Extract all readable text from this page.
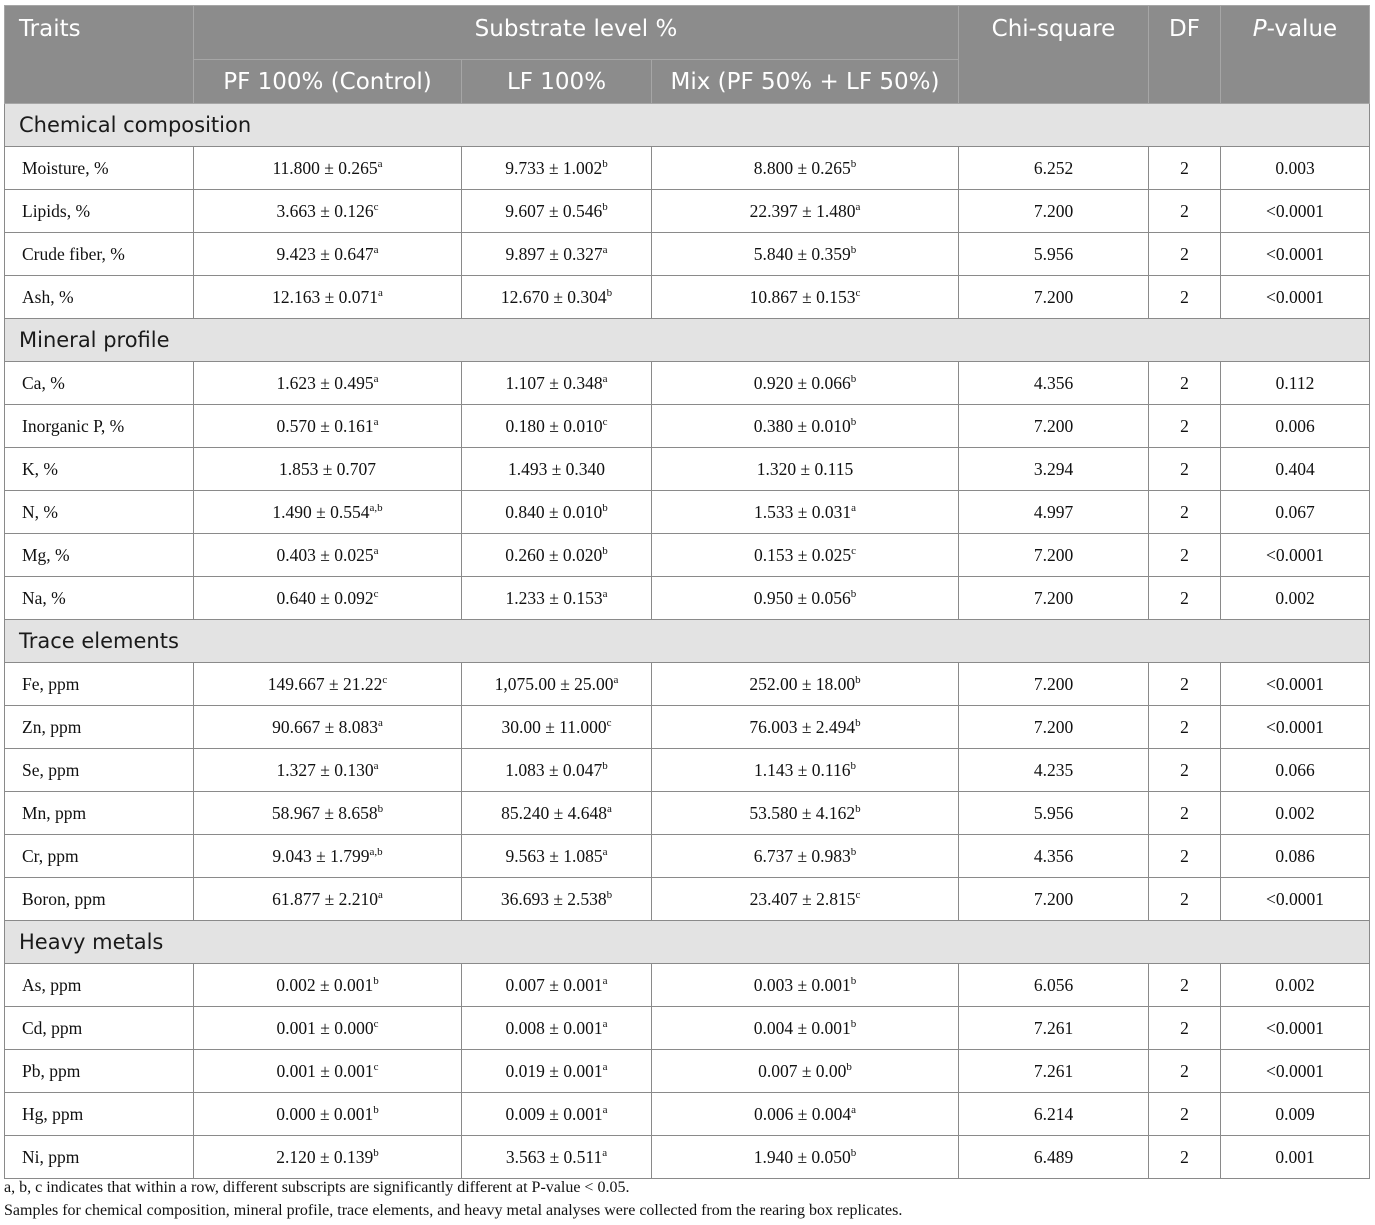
Traits	Substrate level %			Chi-square	DF	P-value
	PF 100% (Control)	LF 100%	Mix (PF 50% + LF 50%)			
Chemical composition						
Moisture, %	11.800 ± 0.265$^a$	9.733 ± 1.002$^b$	8.800 ± 0.265$^b$	6.252	2	0.003
Lipids, %	3.663 ± 0.126$^c$	9.607 ± 0.546$^b$	22.397 ± 1.480$^a$	7.200	2	<0.0001
Crude fiber, %	9.423 ± 0.647$^a$	9.897 ± 0.327$^a$	5.840 ± 0.359$^b$	5.956	2	<0.0001
Ash, %	12.163 ± 0.071$^a$	12.670 ± 0.304$^b$	10.867 ± 0.153$^c$	7.200	2	<0.0001
Mineral profile						
Ca, %	1.623 ± 0.495$^a$	1.107 ± 0.348$^a$	0.920 ± 0.066$^b$	4.356	2	0.112
Inorganic P, %	0.570 ± 0.161$^a$	0.180 ± 0.010$^c$	0.380 ± 0.010$^b$	7.200	2	0.006
K, %	1.853 ± 0.707	1.493 ± 0.340	1.320 ± 0.115	3.294	2	0.404
N, %	$1.490 \pm 0.554^{a,b}$	0.840 ± 0.010$^b$	1.533 ± 0.031$^a$	4.997	2	0.067
Mg, %	0.403 ± 0.025$^a$	0.260 ± 0.020$^b$	0.153 ± 0.025$^c$	7.200	2	<0.0001
Na, %	0.640 ± 0.092$^c$	1.233 ± 0.153$^a$	0.950 ± 0.056$^b$	7.200	2	0.002
Trace elements						
Fe, ppm	149.667 ± 21.22$^c$	1,075.00 ± 25.00$^a$	252.00 ± 18.00$^b$	7.200	2	<0.0001
Zn, ppm	90.667 ± 8.083$^a$	30.00 ± 11.000$^c$	76.003 ± 2.494$^b$	7.200	2	<0.0001
Se, ppm	1.327 ± 0.130$^a$	1.083 ± 0.047$^b$	1.143 ± 0.116$^b$	4.235	2	0.066
Mn, ppm	58.967 ± 8.658$^b$	85.240 ± 4.648$^a$	53.580 ± 4.162$^b$	5.956	2	0.002
Cr, ppm	$9.043 \pm 1.799^{a,b}$	9.563 ± 1.085$^a$	6.737 ± 0.983$^b$	4.356	2	0.086
Boron, ppm	61.877 ± 2.210$^a$	36.693 ± 2.538$^b$	23.407 ± 2.815$^c$	7.200	2	<0.0001
Heavy metals						
As, ppm	0.002 ± 0.001$^b$	0.007 ± 0.001$^a$	0.003 ± 0.001$^b$	6.056	2	0.002
Cd, ppm	0.001 ± 0.000$^c$	0.008 ± 0.001$^a$	0.004 ± 0.001$^b$	7.261	2	<0.0001
Pb, ppm	0.001 ± 0.001$^c$	0.019 ± 0.001$^a$	0.007 ± 0.00$^b$	7.261	2	<0.0001
Hg, ppm	0.000 ± 0.001$^b$	0.009 ± 0.001$^a$	0.006 ± 0.004$^a$	6.214	2	0.009
Ni, ppm	2.120 ± 0.139$^b$	3.563 ± 0.511$^a$	1.940 ± 0.050$^b$	6.489	2	0.001
a, b, c indicates that within a row, different subscripts are significantly different at P-value < 0.05.
Samples for chemical composition, mineral profile, trace elements, and heavy metal analyses were collected from the rearing box replicates.
